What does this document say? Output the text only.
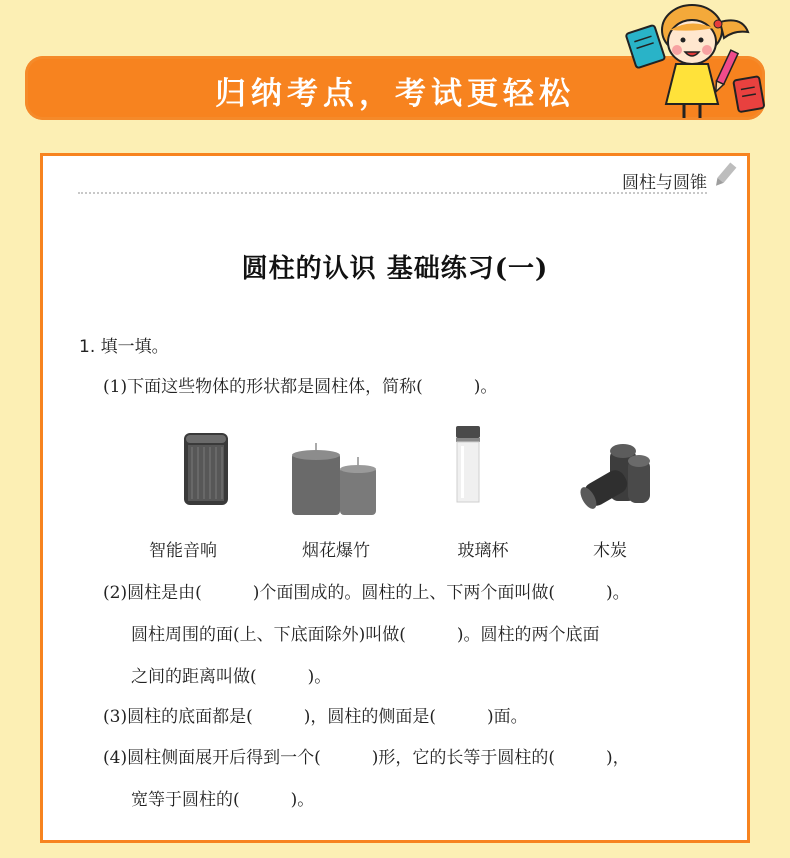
归纳考点，考试更轻松
圆柱与圆锥
圆柱的认识 基础练习(一)
1. 填一填。
(1)下面这些物体的形状都是圆柱体，简称(　　　)。
智能音响	烟花爆竹	玻璃杯	木炭
(2)圆柱是由(　　　)个面围成的。圆柱的上、下两个面叫做(　　　)。
圆柱周围的面(上、下底面除外)叫做(　　　)。圆柱的两个底面
之间的距离叫做(　　　)。
(3)圆柱的底面都是(　　　)，圆柱的侧面是(　　　)面。
(4)圆柱侧面展开后得到一个(　　　)形，它的长等于圆柱的(　　　)，
宽等于圆柱的(　　　)。
